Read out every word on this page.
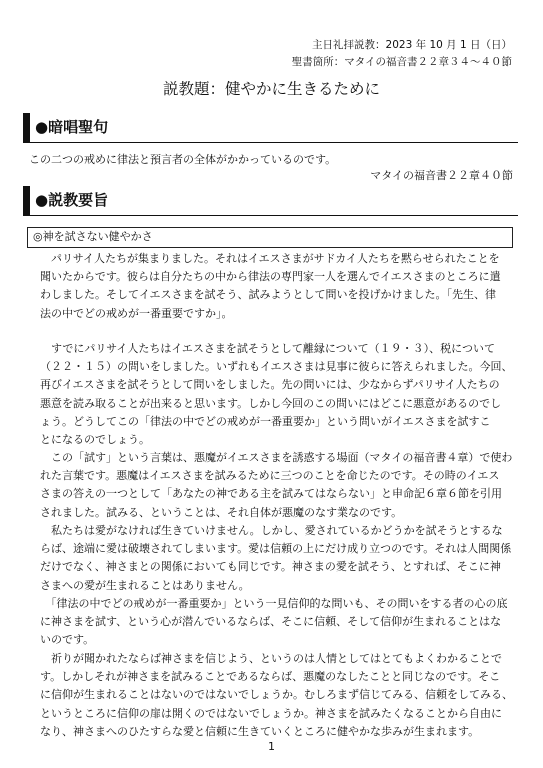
主日礼拝説教：2023 年 10 月 1 日（日）
聖書箇所：マタイの福音書２２章３４～４０節
説教題：健やかに生きるために
●暗唱聖句
この二つの戒めに律法と預言者の全体がかかっているのです。
マタイの福音書２２章４０節
●説教要旨
◎神を試さない健やかさ

　パリサイ人たちが集まりました。それはイエスさまがサドカイ人たちを黙らせられたことを
聞いたからです。彼らは自分たちの中から律法の専門家一人を選んでイエスさまのところに遣
わしました。そしてイエスさまを試そう、試みようとして問いを投げかけました。「先生、律
法の中でどの戒めが一番重要ですか」。

　すでにパリサイ人たちはイエスさまを試そうとして離縁について（１９・３）、税について
（２２・１５）の問いをしました。いずれもイエスさまは見事に彼らに答えられました。今回、
再びイエスさまを試そうとして問いをしました。先の問いには、少なからずパリサイ人たちの
悪意を読み取ることが出来ると思います。しかし今回のこの問いにはどこに悪意があるのでし
ょう。どうしてこの「律法の中でどの戒めが一番重要か」という問いがイエスさまを試すこ
とになるのでしょう。

　この「試す」という言葉は、悪魔がイエスさまを誘惑する場面（マタイの福音書４章）で使わ
れた言葉です。悪魔はイエスさまを試みるために三つのことを命じたのです。その時のイエス
さまの答えの一つとして「あなたの神である主を試みてはならない」と申命記６章６節を引用
されました。試みる、ということは、それ自体が悪魔のなす業なのです。

　私たちは愛がなければ生きていけません。しかし、愛されているかどうかを試そうとするな
らば、途端に愛は破壊されてしまいます。愛は信頼の上にだけ成り立つのです。それは人間関係
だけでなく、神さまとの関係においても同じです。神さまの愛を試そう、とすれば、そこに神
さまへの愛が生まれることはありません。

　「律法の中でどの戒めが一番重要か」という一見信仰的な問いも、その問いをする者の心の底
に神さまを試す、という心が潜んでいるならば、そこに信頼、そして信仰が生まれることはな
いのです。

　祈りが聞かれたならば神さまを信じよう、というのは人情としてはとてもよくわかることで
す。しかしそれが神さまを試みることであるならば、悪魔のなしたことと同じなのです。そこ
に信仰が生まれることはないのではないでしょうか。むしろまず信じてみる、信頼をしてみる、
というところに信仰の扉は開くのではないでしょうか。神さまを試みたくなることから自由に
なり、神さまへのひたすらな愛と信頼に生きていくところに健やかな歩みが生まれます。

1
